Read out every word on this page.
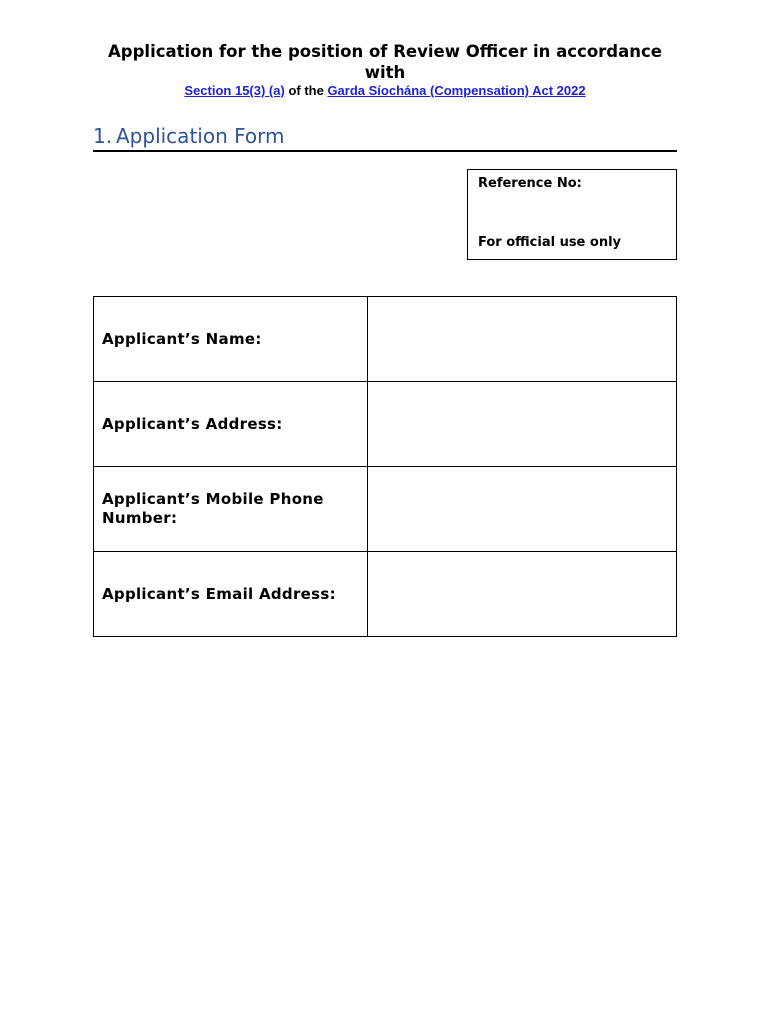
Application for the position of Review Officer in accordance with
Section 15(3) (a) of the Garda Síochána (Compensation) Act 2022
1. Application Form
Reference No:
For official use only
Applicant’s Name:	
Applicant’s Address:	
Applicant’s Mobile Phone Number:	
Applicant’s Email Address:	
